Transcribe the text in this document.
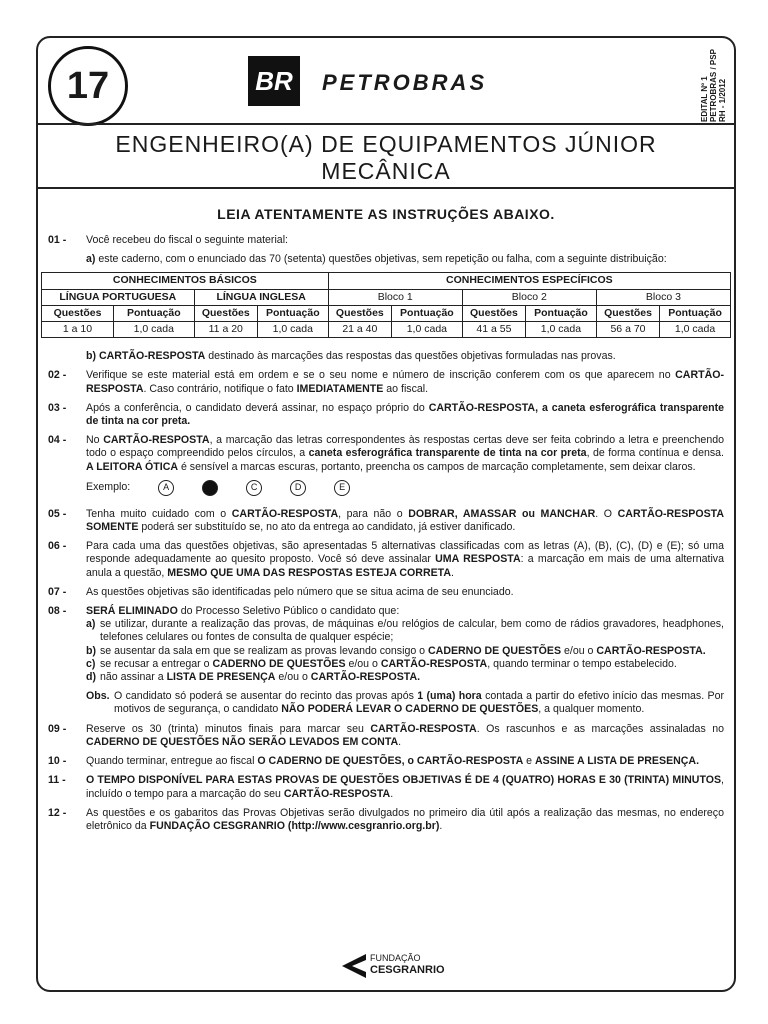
17	BR	PETROBRAS	EDITAL Nº 1 PETROBRAS / PSP RH - 1/2012
ENGENHEIRO(A) DE EQUIPAMENTOS JÚNIOR
MECÂNICA
LEIA ATENTAMENTE AS INSTRUÇÕES ABAIXO.
01 -	Você recebeu do fiscal o seguinte material:
a) este caderno, com o enunciado das 70 (setenta) questões objetivas, sem repetição ou falha, com a seguinte distribuição:
CONHECIMENTOS BÁSICOS				CONHECIMENTOS ESPECÍFICOS					
LÍNGUA PORTUGUESA		LÍNGUA INGLESA		Bloco 1		Bloco 2		Bloco 3	
Questões	Pontuação	Questões	Pontuação	Questões	Pontuação	Questões	Pontuação	Questões	Pontuação
1 a 10	1,0 cada	11 a 20	1,0 cada	21 a 40	1,0 cada	41 a 55	1,0 cada	56 a 70	1,0 cada
b) CARTÃO-RESPOSTA destinado às marcações das respostas das questões objetivas formuladas nas provas.
02 -	Verifique se este material está em ordem e se o seu nome e número de inscrição conferem com os que aparecem no CARTÃO-RESPOSTA. Caso contrário, notifique o fato IMEDIATAMENTE ao fiscal.
03 -	Após a conferência, o candidato deverá assinar, no espaço próprio do CARTÃO-RESPOSTA, a caneta esferográfica transparente de tinta na cor preta.
04 -	No CARTÃO-RESPOSTA, a marcação das letras correspondentes às respostas certas deve ser feita cobrindo a letra e preenchendo todo o espaço compreendido pelos círculos, a caneta esferográfica transparente de tinta na cor preta, de forma contínua e densa. A LEITORA ÓTICA é sensível a marcas escuras, portanto, preencha os campos de marcação completamente, sem deixar claros.
Exemplo:	A	C	D	E
05 -	Tenha muito cuidado com o CARTÃO-RESPOSTA, para não o DOBRAR, AMASSAR ou MANCHAR. O CARTÃO-RESPOSTA SOMENTE poderá ser substituído se, no ato da entrega ao candidato, já estiver danificado.
06 -	Para cada uma das questões objetivas, são apresentadas 5 alternativas classificadas com as letras (A), (B), (C), (D) e (E); só uma responde adequadamente ao quesito proposto. Você só deve assinalar UMA RESPOSTA: a marcação em mais de uma alternativa anula a questão, MESMO QUE UMA DAS RESPOSTAS ESTEJA CORRETA.
07 -	As questões objetivas são identificadas pelo número que se situa acima de seu enunciado.
08 -	SERÁ ELIMINADO do Processo Seletivo Público o candidato que:
a) se utilizar, durante a realização das provas, de máquinas e/ou relógios de calcular, bem como de rádios gravadores, headphones, telefones celulares ou fontes de consulta de qualquer espécie;
b) se ausentar da sala em que se realizam as provas levando consigo o CADERNO DE QUESTÕES e/ou o CARTÃO-RESPOSTA.
c) se recusar a entregar o CADERNO DE QUESTÕES e/ou o CARTÃO-RESPOSTA, quando terminar o tempo estabelecido.
d) não assinar a LISTA DE PRESENÇA e/ou o CARTÃO-RESPOSTA.
Obs. O candidato só poderá se ausentar do recinto das provas após 1 (uma) hora contada a partir do efetivo início das mesmas. Por motivos de segurança, o candidato NÃO PODERÁ LEVAR O CADERNO DE QUESTÕES, a qualquer momento.
09 -	Reserve os 30 (trinta) minutos finais para marcar seu CARTÃO-RESPOSTA. Os rascunhos e as marcações assinaladas no CADERNO DE QUESTÕES NÃO SERÃO LEVADOS EM CONTA.
10 -	Quando terminar, entregue ao fiscal O CADERNO DE QUESTÕES, o CARTÃO-RESPOSTA e ASSINE A LISTA DE PRESENÇA.
11 -	O TEMPO DISPONÍVEL PARA ESTAS PROVAS DE QUESTÕES OBJETIVAS É DE 4 (QUATRO) HORAS E 30 (TRINTA) MINUTOS, incluído o tempo para a marcação do seu CARTÃO-RESPOSTA.
12 -	As questões e os gabaritos das Provas Objetivas serão divulgados no primeiro dia útil após a realização das mesmas, no endereço eletrônico da FUNDAÇÃO CESGRANRIO (http://www.cesgranrio.org.br).
FUNDAÇÃO
CESGRANRIO
